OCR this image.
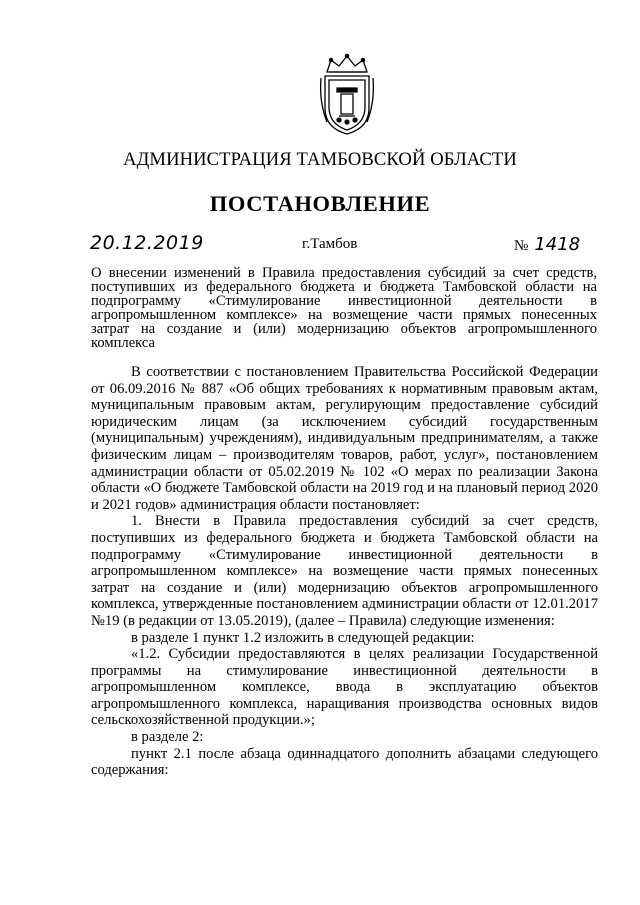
АДМИНИСТРАЦИЯ ТАМБОВСКОЙ ОБЛАСТИ
ПОСТАНОВЛЕНИЕ
20.12.2019	г.Тамбов	№ 1418
О внесении изменений в Правила предоставления субсидий за счет средств, поступивших из федерального бюджета и бюджета Тамбовской области на подпрограмму «Стимулирование инвестиционной деятельности в агропромышленном комплексе» на возмещение части прямых понесенных затрат на создание и (или) модернизацию объектов агропромышленного комплекса

В соответствии с постановлением Правительства Российской Федерации от 06.09.2016 № 887 «Об общих требованиях к нормативным правовым актам, муниципальным правовым актам, регулирующим предоставление субсидий юридическим лицам (за исключением субсидий государственным (муниципальным) учреждениям), индивидуальным предпринимателям, а также физическим лицам – производителям товаров, работ, услуг», постановлением администрации области от 05.02.2019 № 102 «О мерах по реализации Закона области «О бюджете Тамбовской области на 2019 год и на плановый период 2020 и 2021 годов» администрация области постановляет:

1. Внести в Правила предоставления субсидий за счет средств, поступивших из федерального бюджета и бюджета Тамбовской области на подпрограмму «Стимулирование инвестиционной деятельности в агропромышленном комплексе» на возмещение части прямых понесенных затрат на создание и (или) модернизацию объектов агропромышленного комплекса, утвержденные постановлением администрации области от 12.01.2017 №19 (в редакции от 13.05.2019), (далее – Правила) следующие изменения:

в разделе 1 пункт 1.2 изложить в следующей редакции:

«1.2. Субсидии предоставляются в целях реализации Государственной программы на стимулирование инвестиционной деятельности в агропромышленном комплексе, ввода в эксплуатацию объектов агропромышленного комплекса, наращивания производства основных видов сельскохозяйственной продукции.»;

в разделе 2:

пункт 2.1 после абзаца одиннадцатого дополнить абзацами следующего содержания:
